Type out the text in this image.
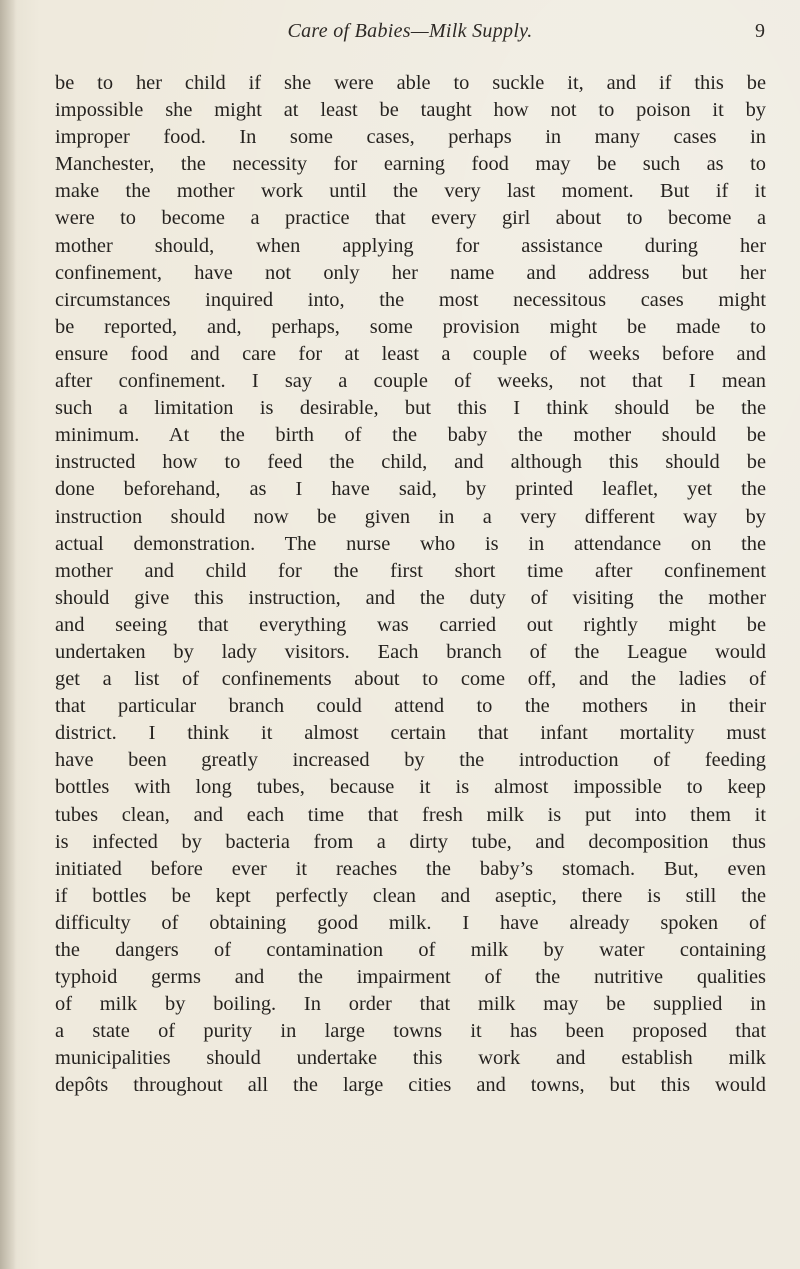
Care of Babies—Milk Supply.	9
be to her child if she were able to suckle it, and if this be
impossible she might at least be taught how not to poison it by
improper food. In some cases, perhaps in many cases in
Manchester, the necessity for earning food may be such as to
make the mother work until the very last moment. But if it
were to become a practice that every girl about to become a
mother should, when applying for assistance during her
confinement, have not only her name and address but her
circumstances inquired into, the most necessitous cases might
be reported, and, perhaps, some provision might be made to
ensure food and care for at least a couple of weeks before and
after confinement. I say a couple of weeks, not that I mean
such a limitation is desirable, but this I think should be the
minimum. At the birth of the baby the mother should be
instructed how to feed the child, and although this should be
done beforehand, as I have said, by printed leaflet, yet the
instruction should now be given in a very different way by
actual demonstration. The nurse who is in attendance on the
mother and child for the first short time after confinement
should give this instruction, and the duty of visiting the mother
and seeing that everything was carried out rightly might be
undertaken by lady visitors. Each branch of the League would
get a list of confinements about to come off, and the ladies of
that particular branch could attend to the mothers in their
district. I think it almost certain that infant mortality must
have been greatly increased by the introduction of feeding
bottles with long tubes, because it is almost impossible to keep
tubes clean, and each time that fresh milk is put into them it
is infected by bacteria from a dirty tube, and decomposition thus
initiated before ever it reaches the baby’s stomach. But, even
if bottles be kept perfectly clean and aseptic, there is still the
difficulty of obtaining good milk. I have already spoken of
the dangers of contamination of milk by water containing
typhoid germs and the impairment of the nutritive qualities
of milk by boiling. In order that milk may be supplied in
a state of purity in large towns it has been proposed that
municipalities should undertake this work and establish milk
depôts throughout all the large cities and towns, but this would
